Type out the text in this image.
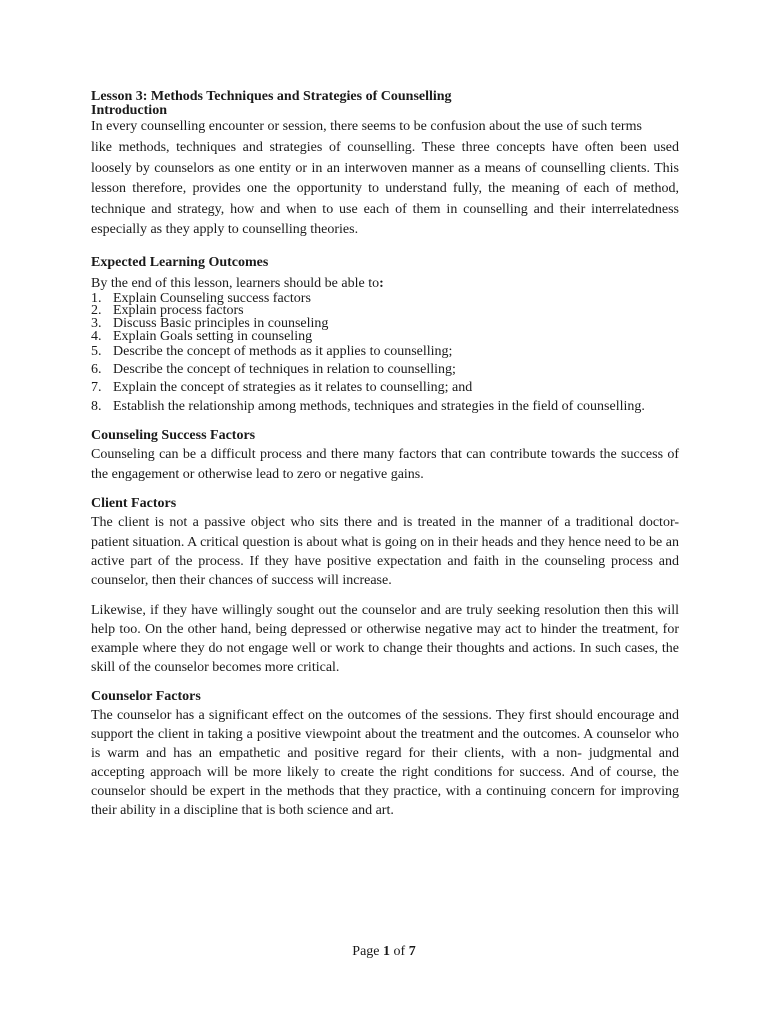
Lesson 3: Methods Techniques and Strategies of Counselling
Introduction

In every counselling encounter or session, there seems to be confusion about the use of such terms

like methods, techniques and strategies of counselling. These three concepts have often been used loosely by counselors as one entity or in an interwoven manner as a means of counselling clients. This lesson therefore, provides one the opportunity to understand fully, the meaning of each of method, technique and strategy, how and when to use each of them in counselling and their interrelatedness especially as they apply to counselling theories.

Expected Learning Outcomes

By the end of this lesson, learners should be able to:

1. Explain Counseling success factors
2. Explain process factors
3. Discuss Basic principles in counseling
4. Explain Goals setting in counseling
5. Describe the concept of methods as it applies to counselling;
6. Describe the concept of techniques in relation to counselling;
7. Explain the concept of strategies as it relates to counselling; and
8. Establish the relationship among methods, techniques and strategies in the field of counselling.
Counseling Success Factors

Counseling can be a difficult process and there many factors that can contribute towards the success of the engagement or otherwise lead to zero or negative gains.

Client Factors

The client is not a passive object who sits there and is treated in the manner of a traditional doctor- patient situation. A critical question is about what is going on in their heads and they hence need to be an active part of the process. If they have positive expectation and faith in the counseling process and counselor, then their chances of success will increase.

Likewise, if they have willingly sought out the counselor and are truly seeking resolution then this will help too. On the other hand, being depressed or otherwise negative may act to hinder the treatment, for example where they do not engage well or work to change their thoughts and actions. In such cases, the skill of the counselor becomes more critical.

Counselor Factors

The counselor has a significant effect on the outcomes of the sessions. They first should encourage and support the client in taking a positive viewpoint about the treatment and the outcomes. A counselor who is warm and has an empathetic and positive regard for their clients, with a non- judgmental and accepting approach will be more likely to create the right conditions for success. And of course, the counselor should be expert in the methods that they practice, with a continuing concern for improving their ability in a discipline that is both science and art.

Page 1 of 7
